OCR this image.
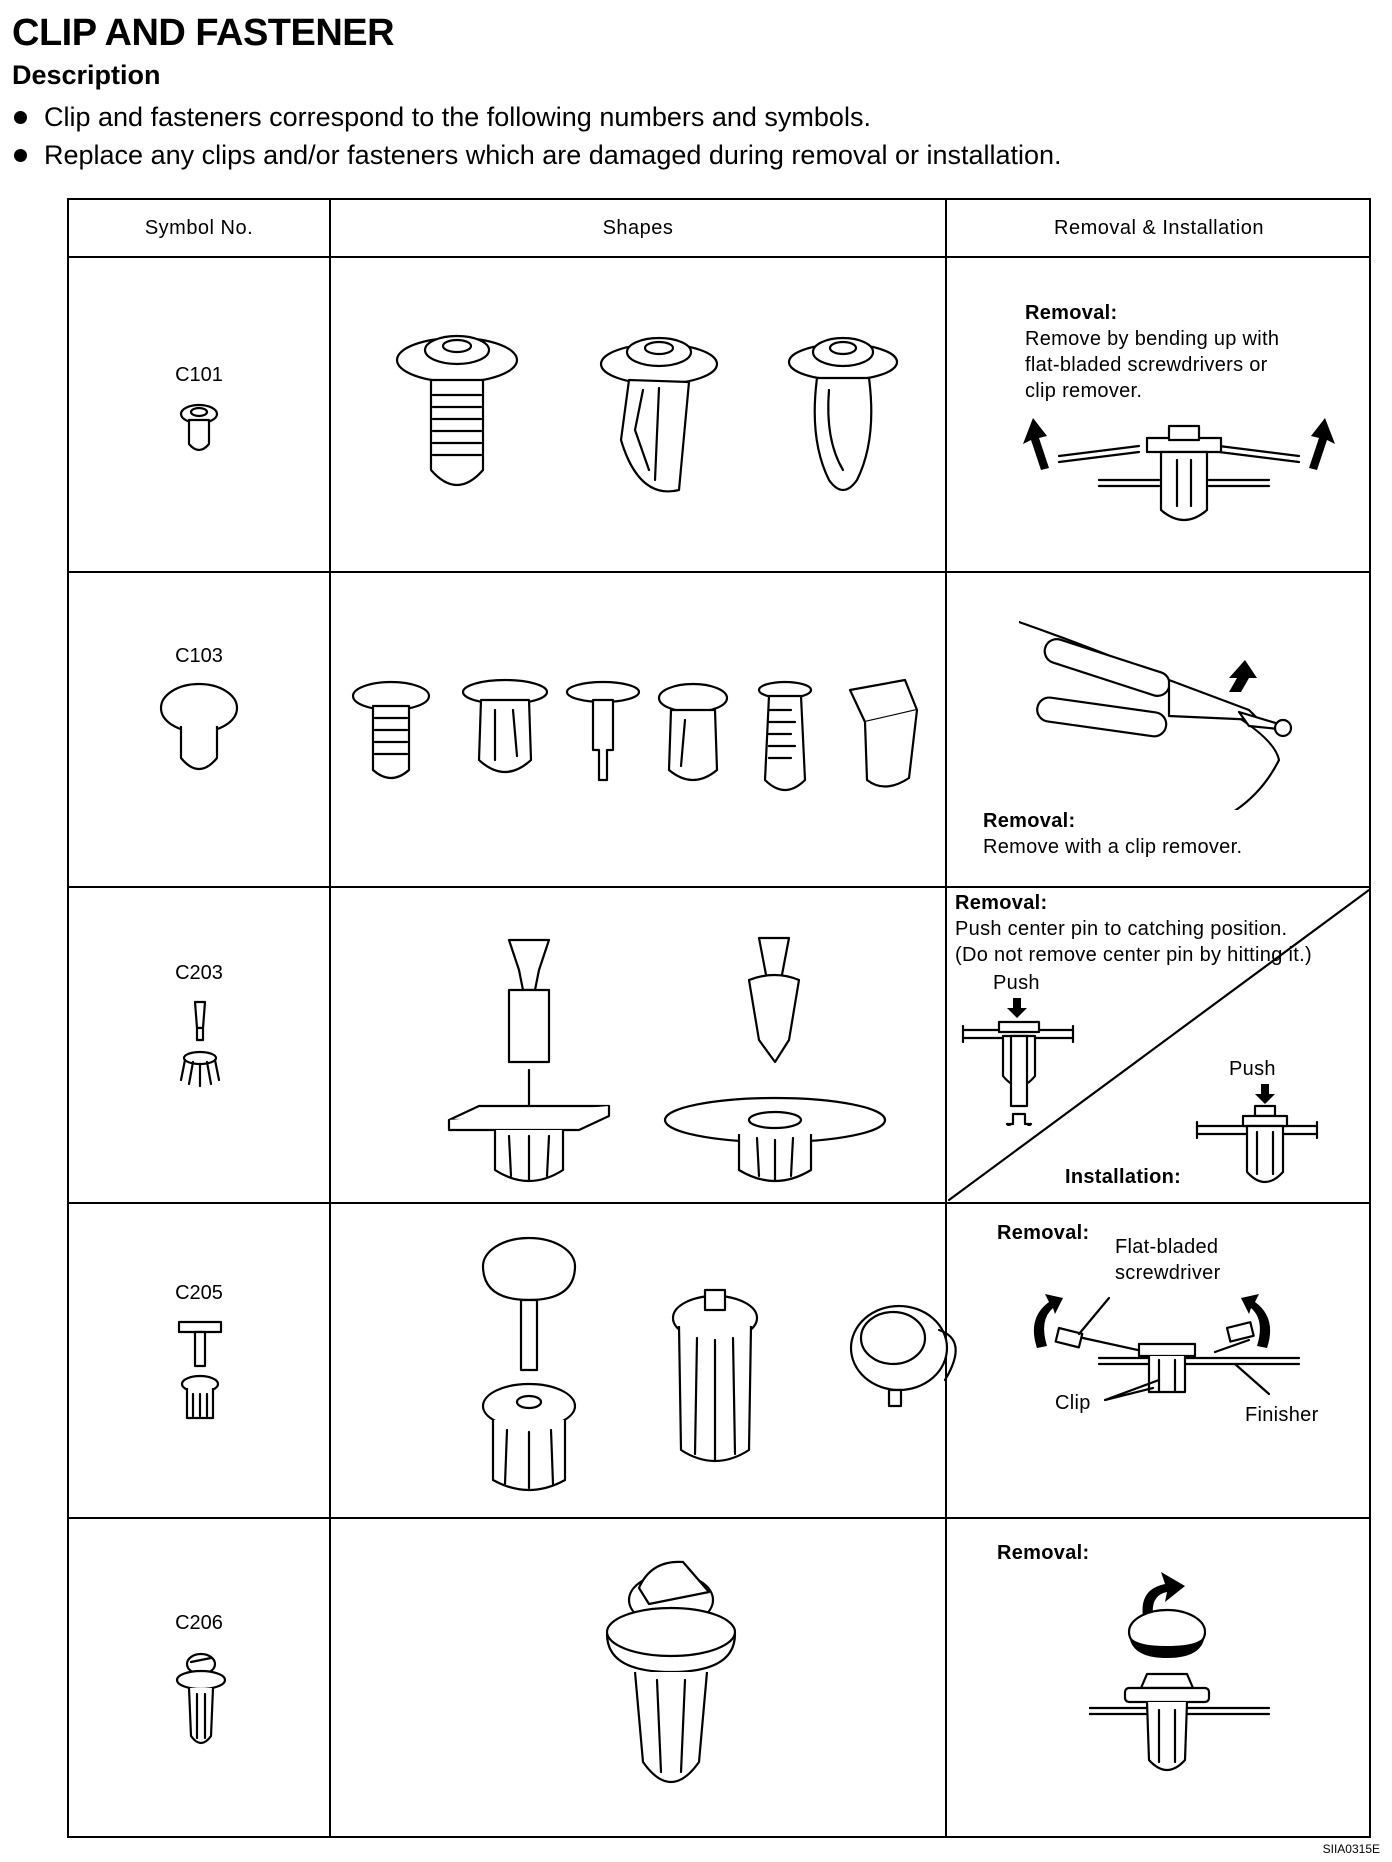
CLIP AND FASTENER
Description
Clip and fasteners correspond to the following numbers and symbols.
Replace any clips and/or fasteners which are damaged during removal or installation.
Symbol No.	Shapes	Removal & Installation
C101
Removal:
Remove by bending up with
flat-bladed screwdrivers or
clip remover.
C103
Removal:
Remove with a clip remover.
C203
Removal:
Push center pin to catching position.
(Do not remove center pin by hitting it.)
Push
Push
Installation:
C205
Removal:
Flat-bladed
screwdriver
Clip
Finisher
C206
Removal:
SIIA0315E
